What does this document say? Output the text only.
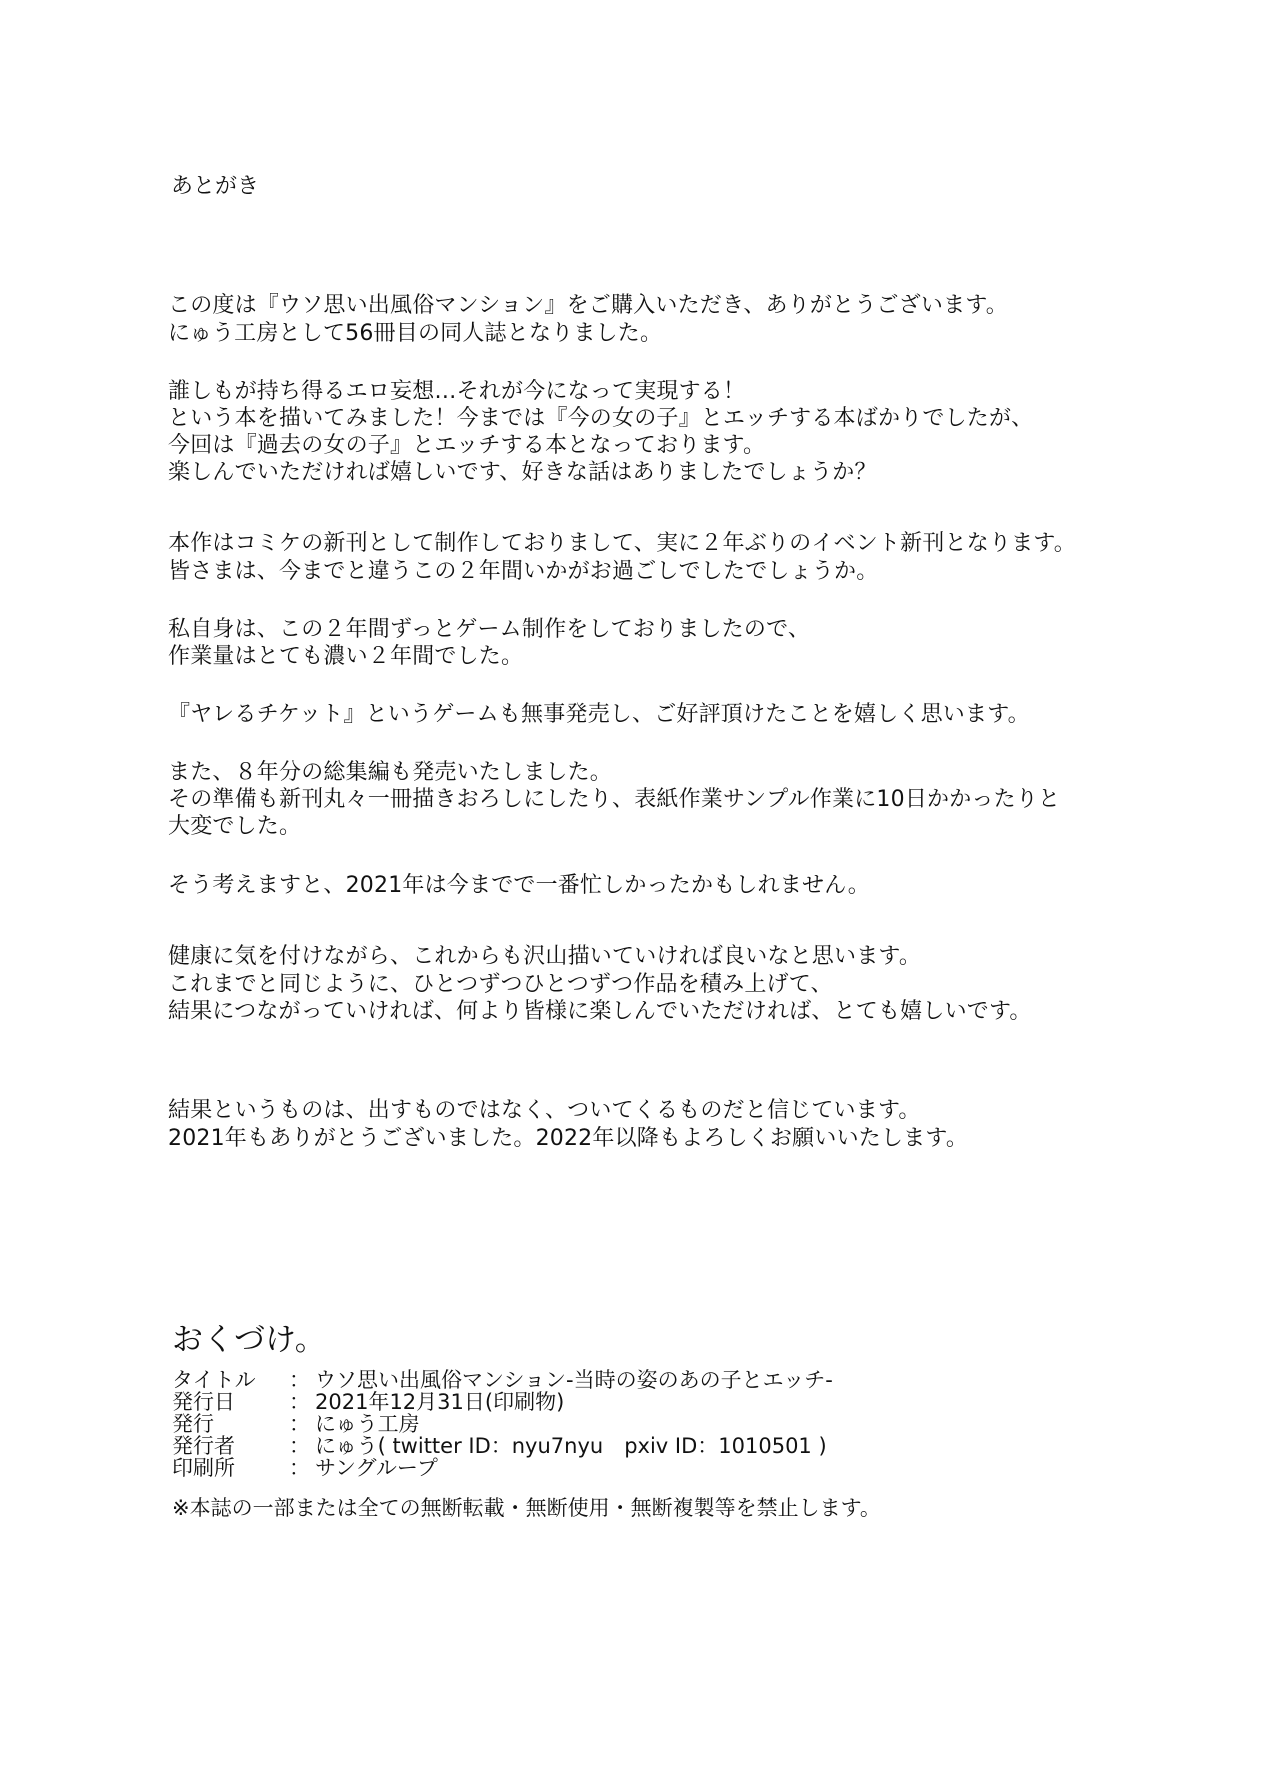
あとがき
この度は『ウソ思い出風俗マンション』をご購入いただき、ありがとうございます。
にゅう工房として56冊目の同人誌となりました。
誰しもが持ち得るエロ妄想…それが今になって実現する！
という本を描いてみました！今までは『今の女の子』とエッチする本ばかりでしたが、
今回は『過去の女の子』とエッチする本となっております。
楽しんでいただければ嬉しいです、好きな話はありましたでしょうか？
本作はコミケの新刊として制作しておりまして、実に２年ぶりのイベント新刊となります。
皆さまは、今までと違うこの２年間いかがお過ごしでしたでしょうか。
私自身は、この２年間ずっとゲーム制作をしておりましたので、
作業量はとても濃い２年間でした。
『ヤレるチケット』というゲームも無事発売し、ご好評頂けたことを嬉しく思います。
また、８年分の総集編も発売いたしました。
その準備も新刊丸々一冊描きおろしにしたり、表紙作業サンプル作業に10日かかったりと
大変でした。
そう考えますと、2021年は今までで一番忙しかったかもしれません。
健康に気を付けながら、これからも沢山描いていければ良いなと思います。
これまでと同じように、ひとつずつひとつずつ作品を積み上げて、
結果につながっていければ、何より皆様に楽しんでいただければ、とても嬉しいです。
結果というものは、出すものではなく、ついてくるものだと信じています。
2021年もありがとうございました。2022年以降もよろしくお願いいたします。
おくづけ。
タイトル ： ウソ思い出風俗マンション-当時の姿のあの子とエッチ-
発行日	： 2021年12月31日(印刷物)
発行	： にゅう工房
発行者	： にゅう( twitter ID：nyu7nyu　pxiv ID：1010501 )
印刷所	： サングループ
※本誌の一部または全ての無断転載・無断使用・無断複製等を禁止します。
